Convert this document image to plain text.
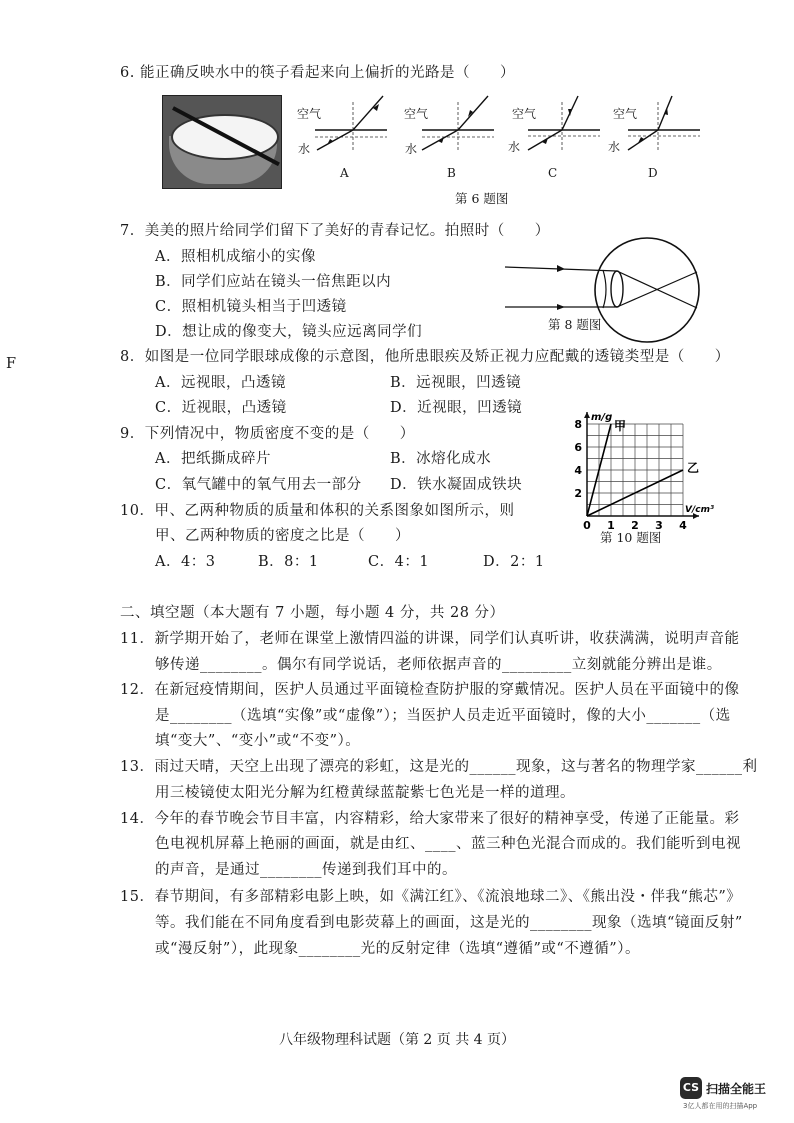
F
6. 能正确反映水中的筷子看起来向上偏折的光路是（　　）
空气
水
A
空气
水
B
空气
水
C
空气
水
D
第 6 题图
7．美美的照片给同学们留下了美好的青春记忆。拍照时（　　）
A．照相机成缩小的实像
B．同学们应站在镜头一倍焦距以内
C．照相机镜头相当于凹透镜
D．想让成的像变大，镜头应远离同学们	第 8 题图
8．如图是一位同学眼球成像的示意图，他所患眼疾及矫正视力应配戴的透镜类型是（　　）
A．远视眼，凸透镜	B．远视眼，凹透镜
C．近视眼，凸透镜	D．近视眼，凹透镜
9．下列情况中，物质密度不变的是（　　）
A．把纸撕成碎片	B．冰熔化成水
C．氧气罐中的氧气用去一部分 D．铁水凝固成铁块
10．甲、乙两种物质的质量和体积的关系图象如图所示，则
甲、乙两种物质的密度之比是（　　）
A．4：3	B．8：1	C．4：1	D．2：1
0 1 2 3 4
2
4
6
8
m/g
V/cm³
甲
乙
第 10 题图
二、填空题（本大题有 7 小题，每小题 4 分，共 28 分）
11．新学期开始了，老师在课堂上激情四溢的讲课，同学们认真听讲，收获满满，说明声音能
够传递________。偶尔有同学说话，老师依据声音的_________立刻就能分辨出是谁。
12．在新冠疫情期间，医护人员通过平面镜检查防护服的穿戴情况。医护人员在平面镜中的像
是________（选填“实像”或“虚像”）；当医护人员走近平面镜时，像的大小_______（选
填“变大”、“变小”或“不变”）。
13．雨过天晴，天空上出现了漂亮的彩虹，这是光的______现象，这与著名的物理学家______利
用三棱镜使太阳光分解为红橙黄绿蓝靛紫七色光是一样的道理。
14．今年的春节晚会节目丰富，内容精彩，给大家带来了很好的精神享受，传递了正能量。彩
色电视机屏幕上艳丽的画面，就是由红、____、蓝三种色光混合而成的。我们能听到电视
的声音，是通过________传递到我们耳中的。
15．春节期间，有多部精彩电影上映，如《满江红》、《流浪地球二》、《熊出没・伴我“熊芯”》
等。我们能在不同角度看到电影荧幕上的画面，这是光的________现象（选填“镜面反射”
或“漫反射”），此现象________光的反射定律（选填“遵循”或“不遵循”）。
八年级物理科试题（第 2 页 共 4 页）
CS 扫描全能王
3亿人都在用的扫描App
